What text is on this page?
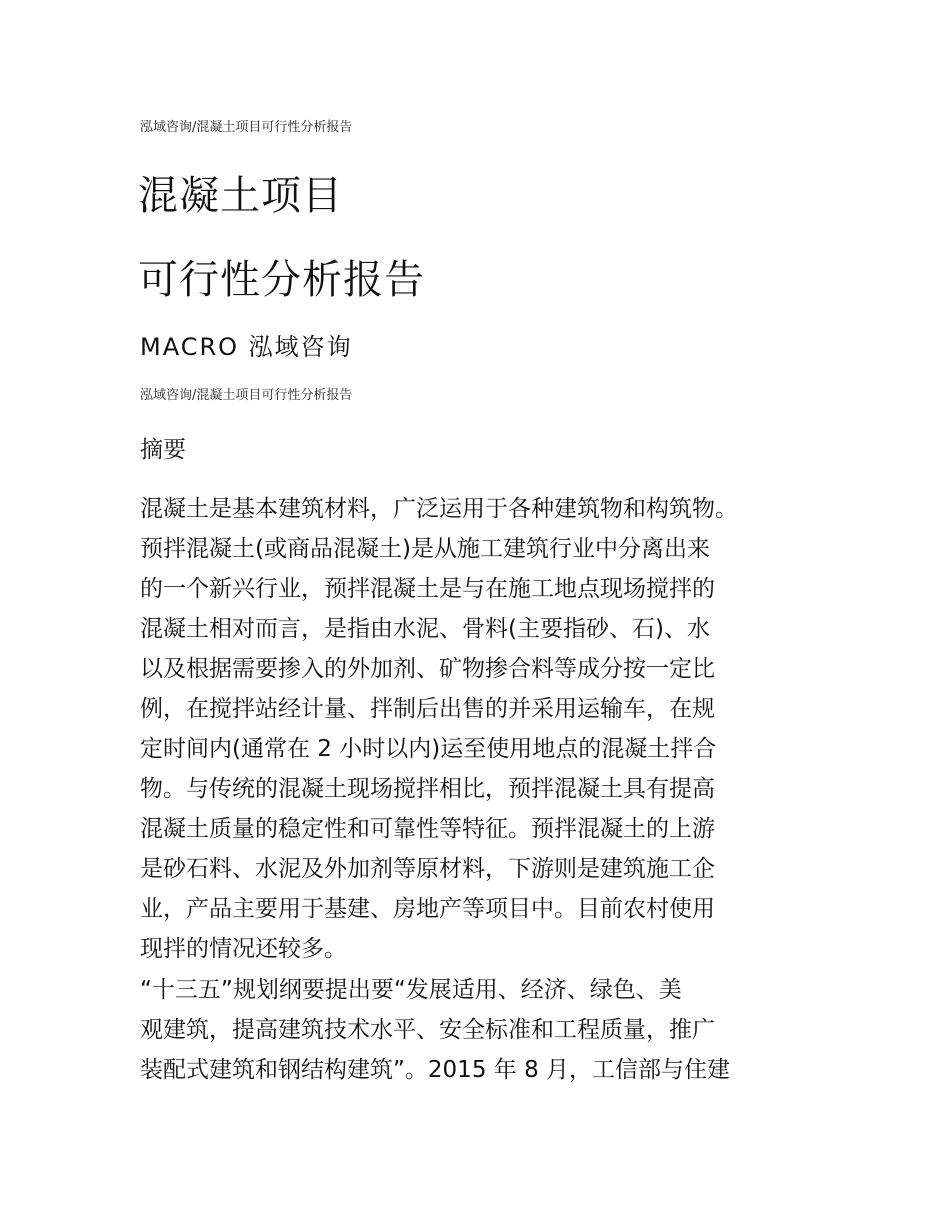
泓域咨询/混凝土项目可行性分析报告
混凝土项目
可行性分析报告
MACRO 泓域咨询
泓域咨询/混凝土项目可行性分析报告
摘要
混凝土是基本建筑材料，广泛运用于各种建筑物和构筑物。
预拌混凝土(或商品混凝土)是从施工建筑行业中分离出来
的一个新兴行业，预拌混凝土是与在施工地点现场搅拌的
混凝土相对而言，是指由水泥、骨料(主要指砂、石)、水
以及根据需要掺入的外加剂、矿物掺合料等成分按一定比
例，在搅拌站经计量、拌制后出售的并采用运输车，在规
定时间内(通常在 2 小时以内)运至使用地点的混凝土拌合
物。与传统的混凝土现场搅拌相比，预拌混凝土具有提高
混凝土质量的稳定性和可靠性等特征。预拌混凝土的上游
是砂石料、水泥及外加剂等原材料，下游则是建筑施工企
业，产品主要用于基建、房地产等项目中。目前农村使用
现拌的情况还较多。
“十三五”规划纲要提出要“发展适用、经济、绿色、美
观建筑，提高建筑技术水平、安全标准和工程质量，推广
装配式建筑和钢结构建筑”。2015 年 8 月，工信部与住建
